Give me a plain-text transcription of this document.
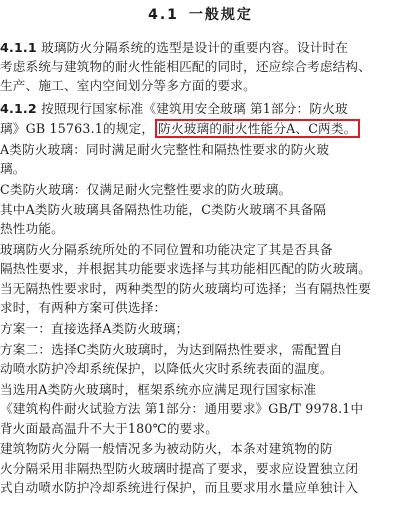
4.1 一般规定
4.1.1 玻璃防火分隔系统的选型是设计的重要内容。设计时在
考虑系统与建筑物的耐火性能相匹配的同时，还应综合考虑结构、
生产、施工、室内空间划分等多方面的要求。
4.1.2 按照现行国家标准《建筑用安全玻璃 第1部分：防火玻
璃》GB 15763.1的规定， 防火玻璃的耐火性能分A、C两类。
A类防火玻璃：同时满足耐火完整性和隔热性要求的防火玻
璃。
C类防火玻璃：仅满足耐火完整性要求的防火玻璃。
其中A类防火玻璃具备隔热性功能，C类防火玻璃不具备隔
热性功能。
玻璃防火分隔系统所处的不同位置和功能决定了其是否具备
隔热性要求，并根据其功能要求选择与其功能相匹配的防火玻璃。
当无隔热性要求时，两种类型的防火玻璃均可选择；当有隔热性要
求时，有两种方案可供选择：
方案一：直接选择A类防火玻璃；
方案二：选择C类防火玻璃时，为达到隔热性要求，需配置自
动喷水防护冷却系统保护，以降低火灾时系统表面的温度。
当选用A类防火玻璃时，框架系统亦应满足现行国家标准
《建筑构件耐火试验方法 第1部分：通用要求》GB/T 9978.1中
背火面最高温升不大于180℃的要求。
建筑物防火分隔一般情况多为被动防火，本条对建筑物的防
火分隔采用非隔热型防火玻璃时提高了要求，要求应设置独立闭
式自动喷水防护冷却系统进行保护，而且要求用水量应单独计入
